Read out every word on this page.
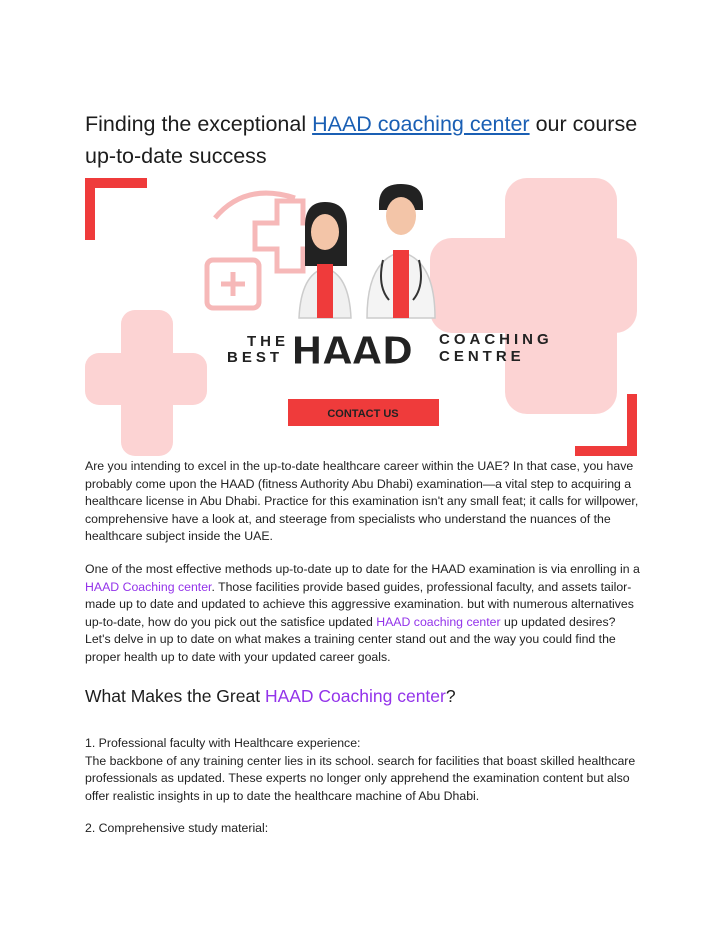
Finding the exceptional HAAD coaching center our course up-to-date success
THE
BEST HAAD COACHING
CENTRE
CONTACT US

Are you intending to excel in the up-to-date healthcare career within the UAE? In that case, you have probably come upon the HAAD (fitness Authority Abu Dhabi) examination—a vital step to acquiring a healthcare license in Abu Dhabi. Practice for this examination isn't any small feat; it calls for willpower, comprehensive have a look at, and steerage from specialists who understand the nuances of the healthcare subject inside the UAE.

One of the most effective methods up-to-date up to date for the HAAD examination is via enrolling in a HAAD Coaching center. Those facilities provide based guides, professional faculty, and assets tailor-made up to date and updated to achieve this aggressive examination. but with numerous alternatives up-to-date, how do you pick out the satisfice updated HAAD coaching center up updated desires? Let's delve in up to date on what makes a training center stand out and the way you could find the proper health up to date with your updated career goals.

What Makes the Great HAAD Coaching center?

1. Professional faculty with Healthcare experience:
The backbone of any training center lies in its school. search for facilities that boast skilled healthcare professionals as updated. These experts no longer only apprehend the examination content but also offer realistic insights in up to date the healthcare machine of Abu Dhabi.

2. Comprehensive study material:
